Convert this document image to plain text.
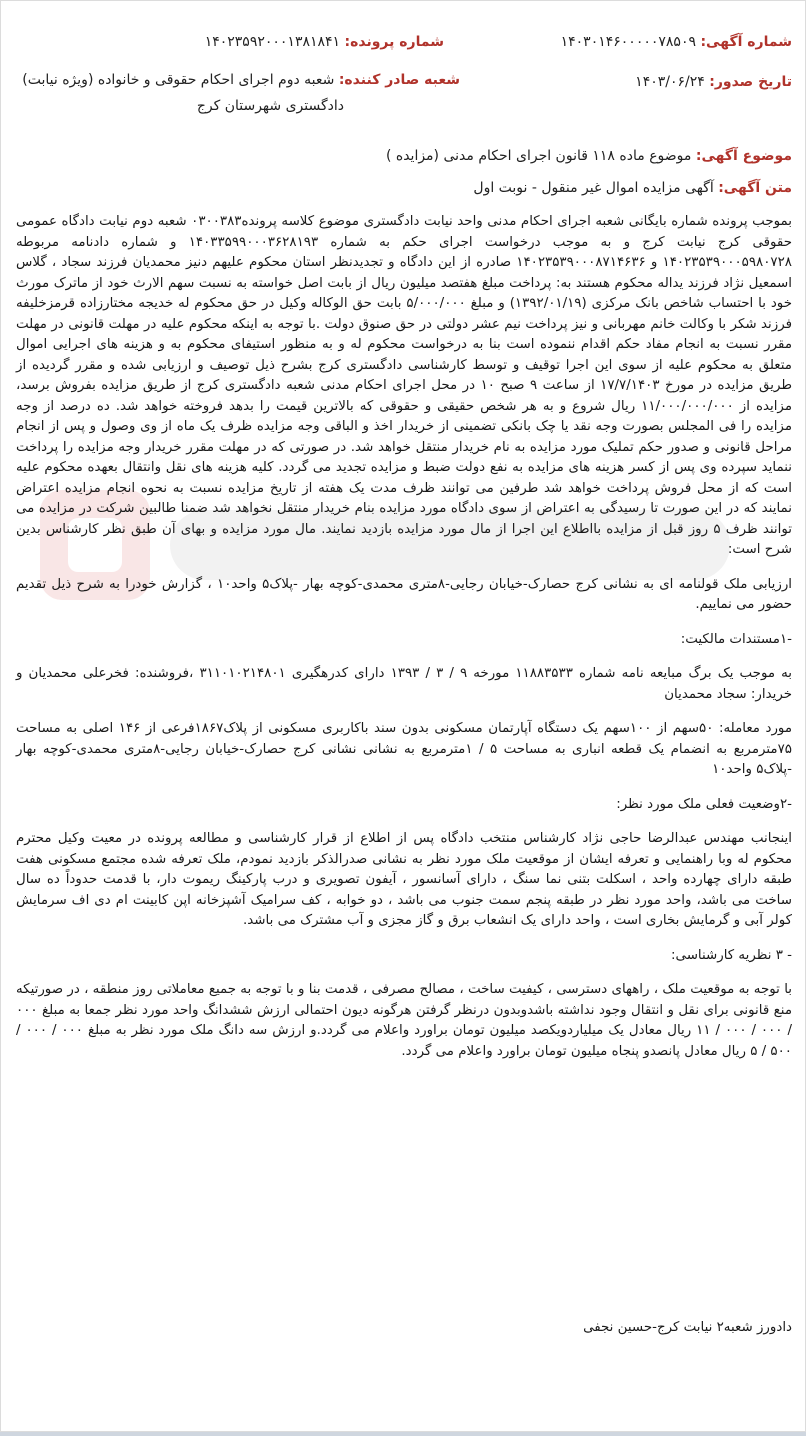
شماره آگهی: ۱۴۰۳۰۱۴۶۰۰۰۰۰۷۸۵۰۹
شماره پرونده: ۱۴۰۲۳۵۹۲۰۰۰۱۳۸۱۸۴۱
تاریخ صدور: ۱۴۰۳/۰۶/۲۴
شعبه صادر کننده: شعبه دوم اجرای احکام حقوقی و خانواده (ویژه نیابت)
دادگستری شهرستان کرج
موضوع آگهی: موضوع ماده ۱۱۸ قانون اجرای احکام مدنی (مزایده )
متن آگهی: آگهی مزایده اموال غیر منقول - نوبت اول

بموجب پرونده شماره بایگانی شعبه اجرای احکام مدنی واحد نیابت دادگستری موضوع کلاسه پرونده۰۳۰۰۳۸۳ شعبه دوم نیابت دادگاه عمومی حقوقی کرج نیابت کرج و به موجب درخواست اجرای حکم به شماره ۱۴۰۳۳۵۹۹۰۰۰۳۶۲۸۱۹۳ و شماره دادنامه مربوطه ۱۴۰۲۳۵۳۹۰۰۰۵۹۸۰۷۲۸ و ۱۴۰۲۳۵۳۹۰۰۰۸۷۱۴۶۳۶ صادره از این دادگاه و تجدیدنظر استان محکوم علیهم دنیز محمدیان فرزند سجاد ، گلاس اسمعیل نژاد فرزند یداله محکوم هستند به: پرداخت مبلغ هفتصد میلیون ریال از بابت اصل خواسته به نسبت سهم الارث خود از ماترک مورث خود با احتساب شاخص بانک مرکزی (۱۳۹۲/۰۱/۱۹) و مبلغ ۵/۰۰۰/۰۰۰ بابت حق الوکاله وکیل در حق محکوم له خدیجه مختارزاده قرمزخلیفه فرزند شکر با وکالت خانم مهربانی و نیز پرداخت نیم عشر دولتی در حق صنوق دولت .با توجه به اینکه محکوم علیه در مهلت قانونی در مهلت مقرر نسبت به انجام مفاد حکم اقدام ننموده است بنا به درخواست محکوم له و به منظور استیفای محکوم به و هزینه های اجرایی اموال متعلق به محکوم علیه از سوی این اجرا توقیف و توسط کارشناسی دادگستری کرج بشرح ذیل توصیف و ارزیابی شده و مقرر گردیده از طریق مزایده در مورخ ۱۷/۷/۱۴۰۳ از ساعت ۹ صبح ۱۰ در محل اجرای احکام مدنی شعبه دادگستری کرج از طریق مزایده بفروش برسد، مزایده از ۱۱/۰۰۰/۰۰۰/۰۰۰ ریال شروع و به هر شخص حقیقی و حقوقی که بالاترین قیمت را بدهد فروخته خواهد شد. ده درصد از وجه مزایده را فی المجلس بصورت وجه نقد یا چک بانکی تضمینی از خریدار اخذ و الباقی وجه مزایده ظرف یک ماه از وی وصول و پس از انجام مراحل قانونی و صدور حکم تملیک مورد مزایده به نام خریدار منتقل خواهد شد. در صورتی که در مهلت مقرر خریدار وجه مزایده را پرداخت ننماید سپرده وی پس از کسر هزینه های مزایده به نفع دولت ضبط و مزایده تجدید می گردد. کلیه هزینه های نقل وانتقال بعهده محکوم علیه است که از محل فروش پرداخت خواهد شد طرفین می توانند ظرف مدت یک هفته از تاریخ مزایده نسبت به نحوه انجام مزایده اعتراض نمایند که در این صورت تا رسیدگی به اعتراض از سوی دادگاه مورد مزایده بنام خریدار منتقل نخواهد شد ضمنا طالبین شرکت در مزایده می توانند ظرف ۵ روز قبل از مزایده بااطلاع این اجرا از مال مورد مزایده بازدید نمایند. مال مورد مزایده و بهای آن طبق نظر کارشناس بدین شرح است:

ارزیابی ملک قولنامه ای به نشانی کرج حصارک-خیابان رجایی-۸متری محمدی-کوچه بهار -پلاک۵ واحد۱۰ ، گزارش خودرا به شرح ذیل تقدیم حضور می نماییم.

-۱مستندات مالکیت:

به موجب یک برگ مبایعه نامه شماره ۱۱۸۸۳۵۳۳ مورخه ۹ / ۳ / ۱۳۹۳ دارای کدرهگیری ۳۱۱۰۱۰۲۱۴۸۰۱ ،فروشنده: فخرعلی محمدیان و خریدار: سجاد محمدیان

مورد معامله: ۵۰سهم از ۱۰۰سهم یک دستگاه آپارتمان مسکونی بدون سند باکاربری مسکونی از پلاک۱۸۶۷فرعی از ۱۴۶ اصلی به مساحت ۷۵مترمربع به انضمام یک قطعه انباری به مساحت ۵ / ۱مترمربع به نشانی نشانی کرج حصارک-خیابان رجایی-۸متری محمدی-کوچه بهار -پلاک۵ واحد۱۰

-۲وضعیت فعلی ملک مورد نظر:

اینجانب مهندس عبدالرضا حاجی نژاد کارشناس منتخب دادگاه پس از اطلاع از قرار کارشناسی و مطالعه پرونده در معیت وکیل محترم محکوم له وبا راهنمایی و تعرفه ایشان از موقعیت ملک مورد نظر به نشانی صدرالذکر بازدید نمودم، ملک تعرفه شده مجتمع مسکونی هفت طبقه دارای چهارده واحد ، اسکلت بتنی نما سنگ ، دارای آسانسور ، آیفون تصویری و درب پارکینگ ریموت دار، با قدمت حدوداً ده سال ساخت می باشد، واحد مورد نظر در طبقه پنجم سمت جنوب می باشد ، دو خوابه ، کف سرامیک آشپزخانه اپن کابینت ام دی اف سرمایش کولر آبی و گرمایش بخاری است ، واحد دارای یک انشعاب برق و گاز مجزی و آب مشترک می باشد.

- ۳ نظریه کارشناسی:

با توجه به موقعیت ملک ، راههای دسترسی ، کیفیت ساخت ، مصالح مصرفی ، قدمت بنا و با توجه به جمیع معاملاتی روز منطقه ، در صورتیکه منع قانونی برای نقل و انتقال وجود نداشته باشدوبدون درنظر گرفتن هرگونه دیون احتمالی ارزش ششدانگ واحد مورد نظر جمعا به مبلغ ۰۰۰ / ۰۰۰ / ۰۰۰ / ۱۱ ریال معادل یک میلیاردویکصد میلیون تومان براورد واعلام می گردد.و ارزش سه دانگ ملک مورد نظر به مبلغ ۰۰۰ / ۰۰۰ / ۵۰۰ / ۵ ریال معادل پانصدو پنجاه میلیون تومان براورد واعلام می گردد.

دادورز شعبه۲ نیابت کرج-حسین نجفی
